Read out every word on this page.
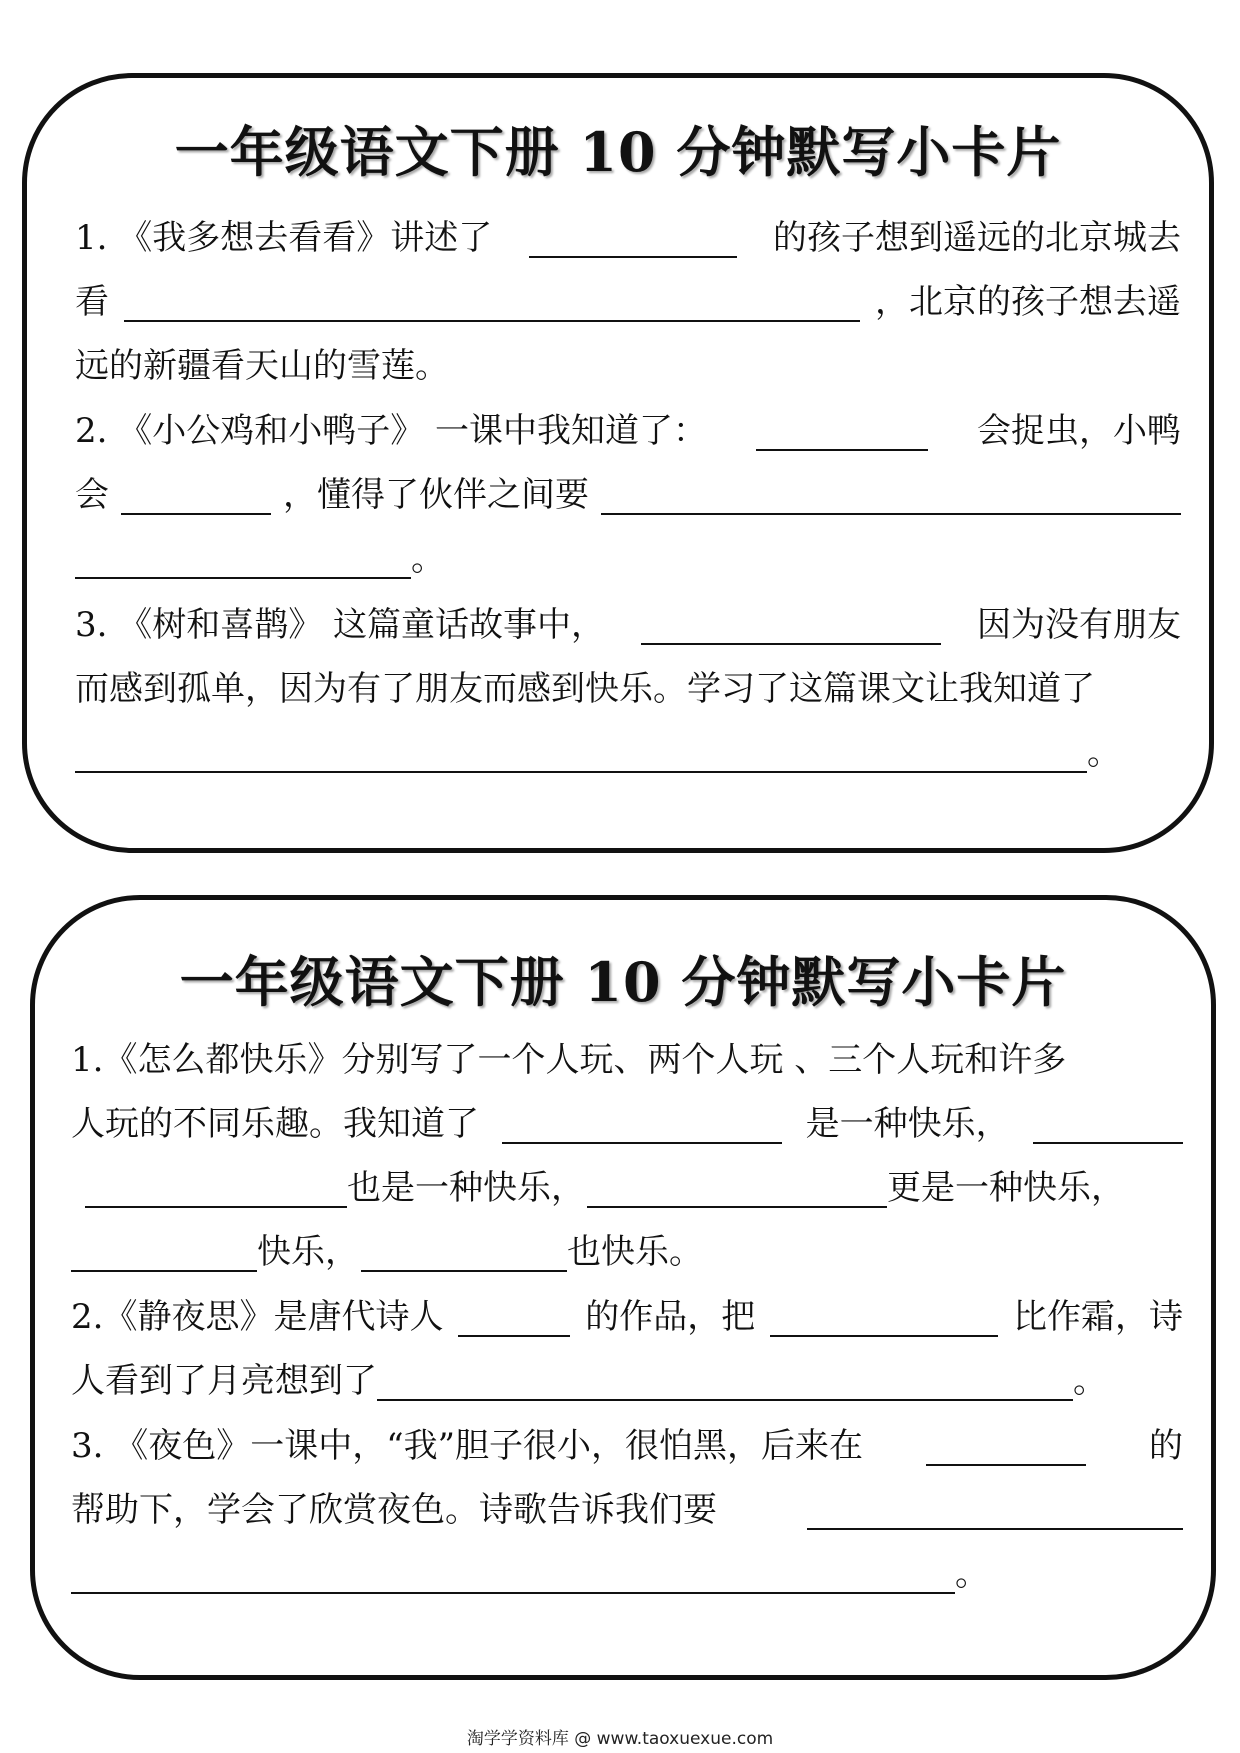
一年级语文下册 10 分钟默写小卡片
1. 《我多想去看看》讲述了	的孩子想到遥远的北京城去
看	，北京的孩子想去遥
远的新疆看天山的雪莲。
2. 《小公鸡和小鸭子》 一课中我知道了：	会捉虫，小鸭
会	，懂得了伙伴之间要
。
3. 《树和喜鹊》 这篇童话故事中，	因为没有朋友
而感到孤单，因为有了朋友而感到快乐。学习了这篇课文让我知道了
。
一年级语文下册 10 分钟默写小卡片
1.《怎么都快乐》分别写了一个人玩、两个人玩 、三个人玩和许多
人玩的不同乐趣。我知道了	是一种快乐，
也是一种快乐，	更是一种快乐，
快乐，	也快乐。
2.《静夜思》是唐代诗人	的作品，把	比作霜，诗
人看到了月亮想到了	。
3. 《夜色》一课中，“我”胆子很小，很怕黑，后来在	的
帮助下，学会了欣赏夜色。诗歌告诉我们要
。
淘学学资料库 @ www.taoxuexue.com
